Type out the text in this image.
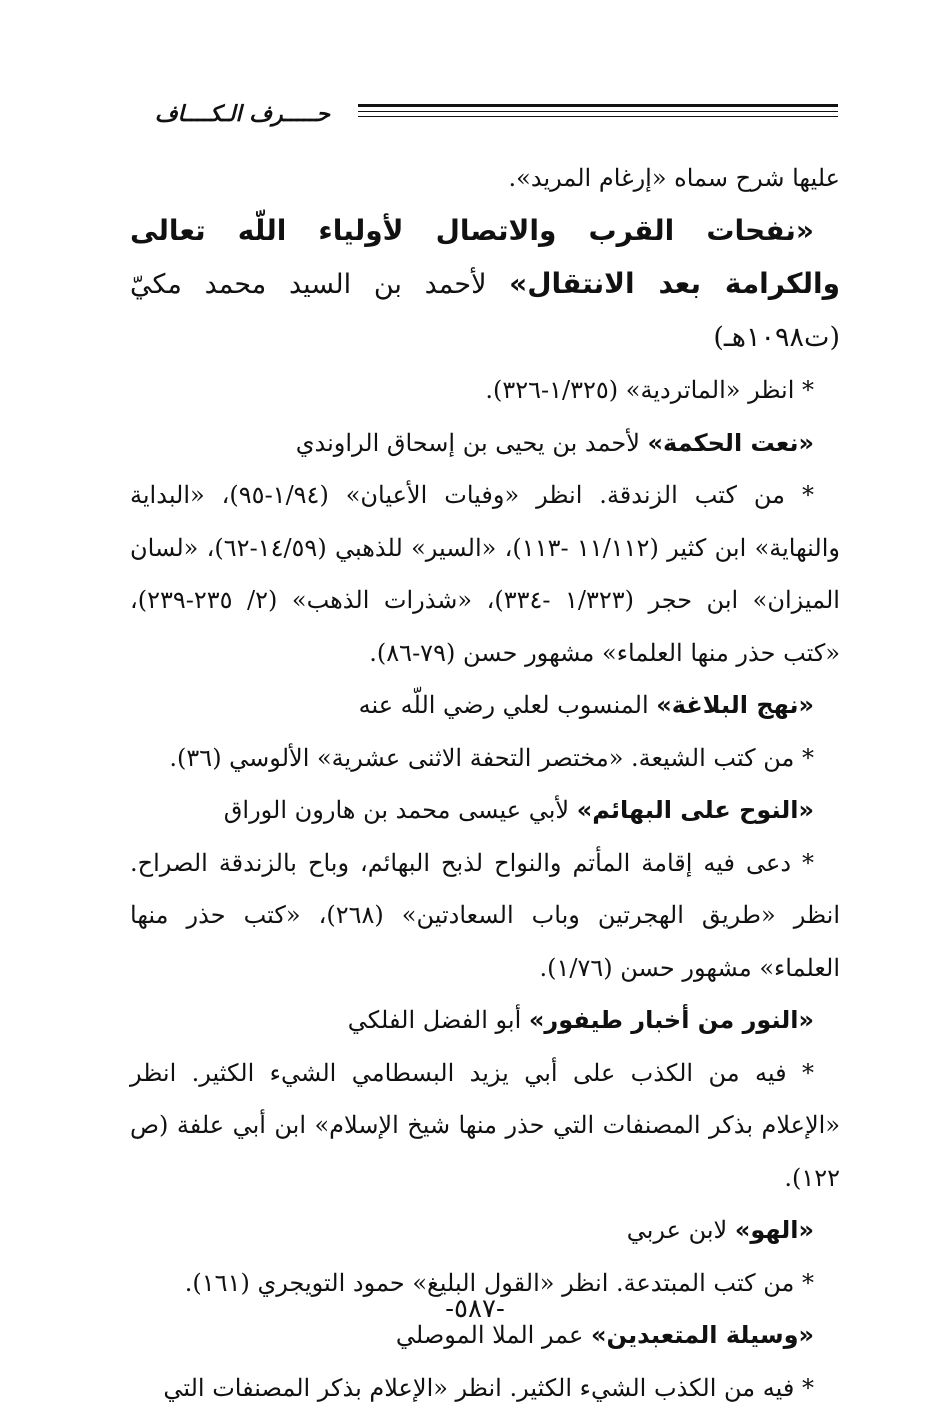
حـــــرف الـكــــاف

عليها شرح سماه «إرغام المريد».

«نفحات القرب والاتصال لأولياء اللّه تعالى والكرامة بعد الانتقال» لأحمد بن السيد محمد مكيّ (ت١٠٩٨هـ)

* انظر «الماتردية» (١/٣٢٥-٣٢٦).

«نعت الحكمة» لأحمد بن يحيى بن إسحاق الراوندي

* من كتب الزندقة. انظر «وفيات الأعيان» (١/٩٤-٩٥)، «البداية والنهاية» ابن كثير (١١/١١٢ -١١٣)، «السير» للذهبي (١٤/٥٩-٦٢)، «لسان الميزان» ابن حجر (١/٣٢٣ -٣٣٤)، «شذرات الذهب» (٢/ ٢٣٥-٢٣٩)، «كتب حذر منها العلماء» مشهور حسن (٧٩-٨٦).

«نهج البلاغة» المنسوب لعلي رضي اللّه عنه

* من كتب الشيعة. «مختصر التحفة الاثنى عشرية» الألوسي (٣٦).

«النوح على البهائم» لأبي عيسى محمد بن هارون الوراق

* دعى فيه إقامة المأتم والنواح لذبح البهائم، وباح بالزندقة الصراح. انظر «طريق الهجرتين وباب السعادتين» (٢٦٨)، «كتب حذر منها العلماء» مشهور حسن (١/٧٦).

«النور من أخبار طيفور» أبو الفضل الفلكي

* فيه من الكذب على أبي يزيد البسطامي الشيء الكثير. انظر «الإعلام بذكر المصنفات التي حذر منها شيخ الإسلام» ابن أبي علفة (ص ١٢٢).

«الهو» لابن عربي

* من كتب المبتدعة. انظر «القول البليغ» حمود التويجري (١٦١).

«وسيلة المتعبدين» عمر الملا الموصلي

* فيه من الكذب الشيء الكثير. انظر «الإعلام بذكر المصنفات التي

-٥٨٧-
